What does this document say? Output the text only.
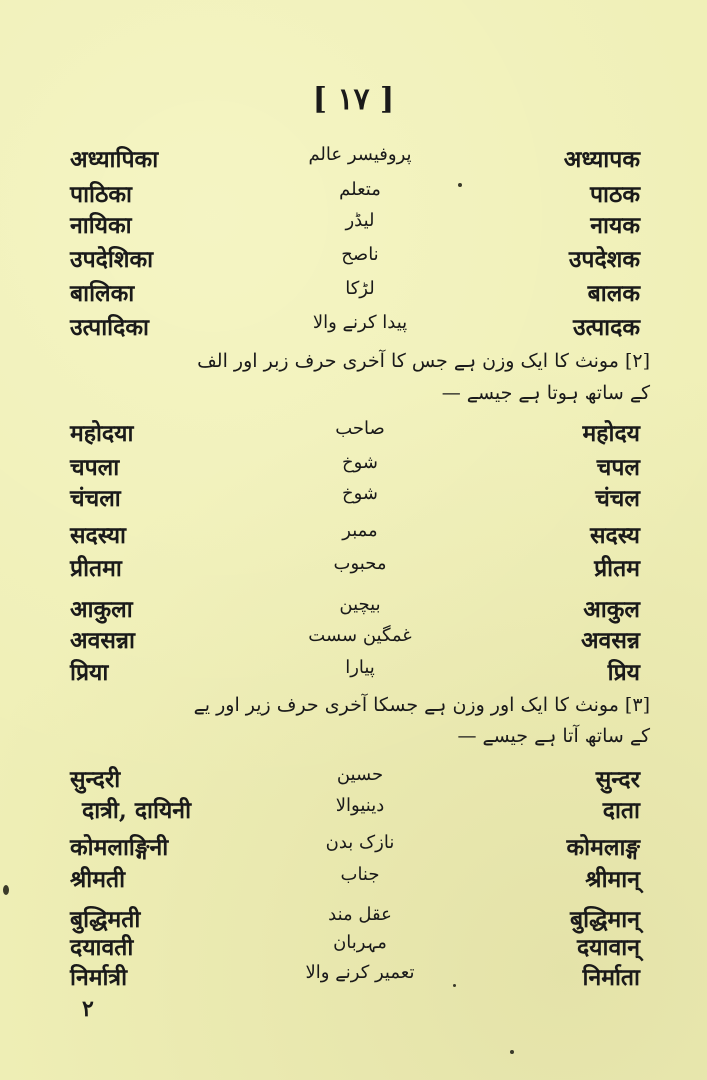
[ ۱۷ ]
अध्यापिका	پروفیسر عالم	अध्यापक
पाठिका	متعلم	पाठक
नायिका	لیڈر	नायक
उपदेशिका	ناصح	उपदेशक
बालिका	لڑکا	बालक
उत्पादिका	پیدا کرنے والا	उत्पादक
[۲] مونث کا ایک وزن ہے جس کا آخری حرف زبر اور الف
کے ساتھ ہوتا ہے جیسے —
महोदया	صاحب	महोदय
चपला	شوخ	चपल
चंचला	شوخ	चंचल
सदस्या	ممبر	सदस्य
प्रीतमा	محبوب	प्रीतम
आकुला	بیچین	आकुल
अवसन्ना	غمگین سست	अवसन्न
प्रिया	پیارا	प्रिय
[۳] مونث کا ایک اور وزن ہے جسکا آخری حرف زیر اور یے
کے ساتھ آتا ہے جیسے —
सुन्दरी	حسین	सुन्दर
दात्री, दायिनी	دینیوالا	दाता
कोमलाङ्गिनी	نازک بدن	कोमलाङ्ग
श्रीमती	جناب	श्रीमान्
बुद्धिमती	عقل مند	बुद्धिमान्
दयावती	مہربان	दयावान्
निर्मात्री	تعمیر کرنے والا	निर्माता
۲
